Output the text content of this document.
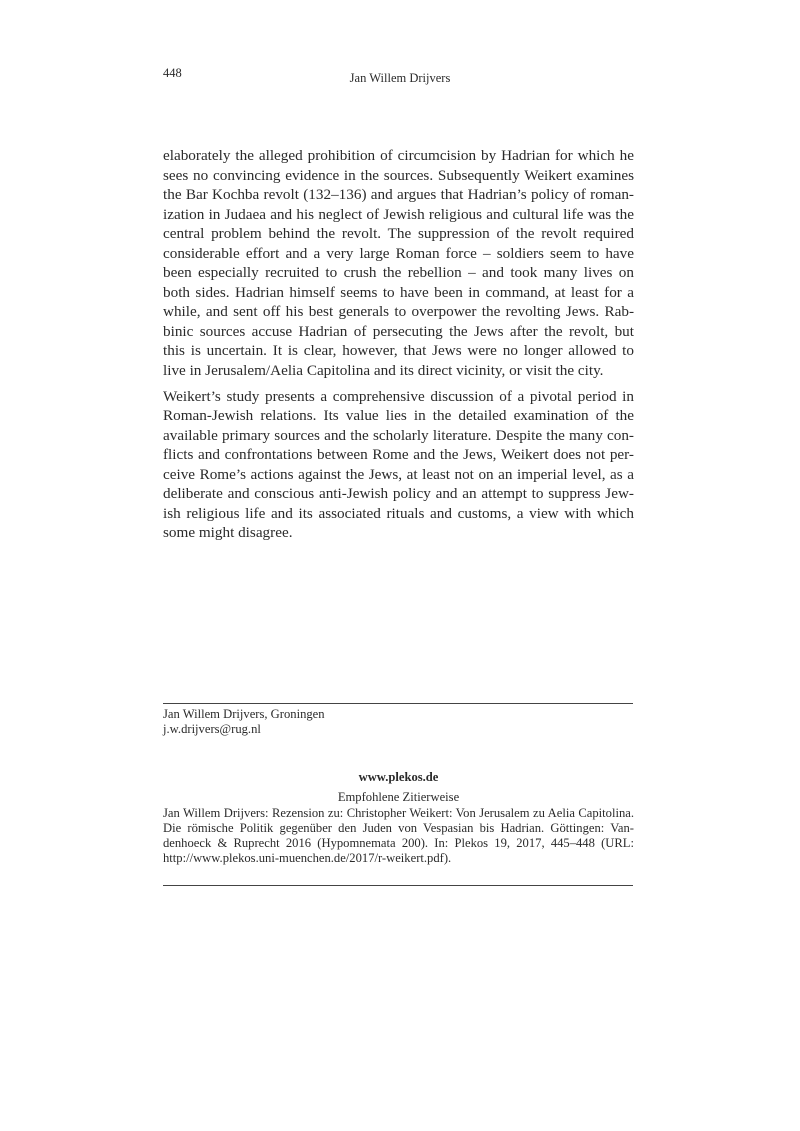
448	Jan Willem Drijvers

elaborately the alleged prohibition of circumcision by Hadrian for which he
sees no convincing evidence in the sources. Subsequently Weikert examines
the Bar Kochba revolt (132–136) and argues that Hadrian’s policy of roman-
ization in Judaea and his neglect of Jewish religious and cultural life was the
central problem behind the revolt. The suppression of the revolt required
considerable effort and a very large Roman force – soldiers seem to have
been especially recruited to crush the rebellion – and took many lives on
both sides. Hadrian himself seems to have been in command, at least for a
while, and sent off his best generals to overpower the revolting Jews. Rab-
binic sources accuse Hadrian of persecuting the Jews after the revolt, but
this is uncertain. It is clear, however, that Jews were no longer allowed to
live in Jerusalem/Aelia Capitolina and its direct vicinity, or visit the city.

Weikert’s study presents a comprehensive discussion of a pivotal period in
Roman-Jewish relations. Its value lies in the detailed examination of the
available primary sources and the scholarly literature. Despite the many con-
flicts and confrontations between Rome and the Jews, Weikert does not per-
ceive Rome’s actions against the Jews, at least not on an imperial level, as a
deliberate and conscious anti-Jewish policy and an attempt to suppress Jew-
ish religious life and its associated rituals and customs, a view with which
some might disagree.

Jan Willem Drijvers, Groningen
j.w.drijvers@rug.nl
www.plekos.de
Empfohlene Zitierweise
Jan Willem Drijvers: Rezension zu: Christopher Weikert: Von Jerusalem zu Aelia Capitolina.
Die römische Politik gegenüber den Juden von Vespasian bis Hadrian. Göttingen: Van-
denhoeck & Ruprecht 2016 (Hypomnemata 200). In: Plekos 19, 2017, 445–448 (URL:
http://www.plekos.uni-muenchen.de/2017/r-weikert.pdf).
